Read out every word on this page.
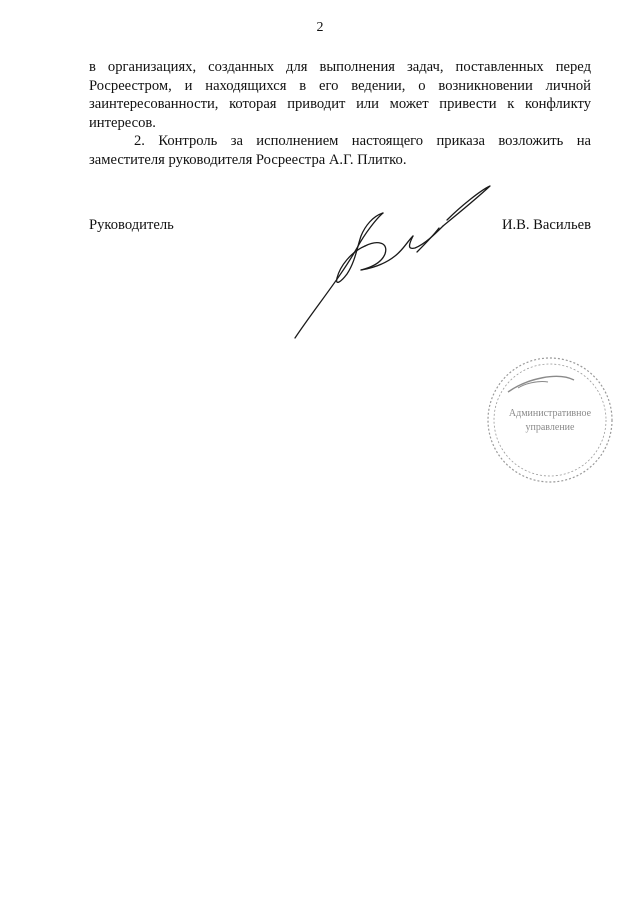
2

в организациях, созданных для выполнения задач, поставленных перед Росреестром, и находящихся в его ведении, о возникновении личной заинтересованности, которая приводит или может привести к конфликту интересов.

2. Контроль за исполнением настоящего приказа возложить на заместителя руководителя Росреестра А.Г. Плитко.

Руководитель	И.В. Васильев
Административное
управление
